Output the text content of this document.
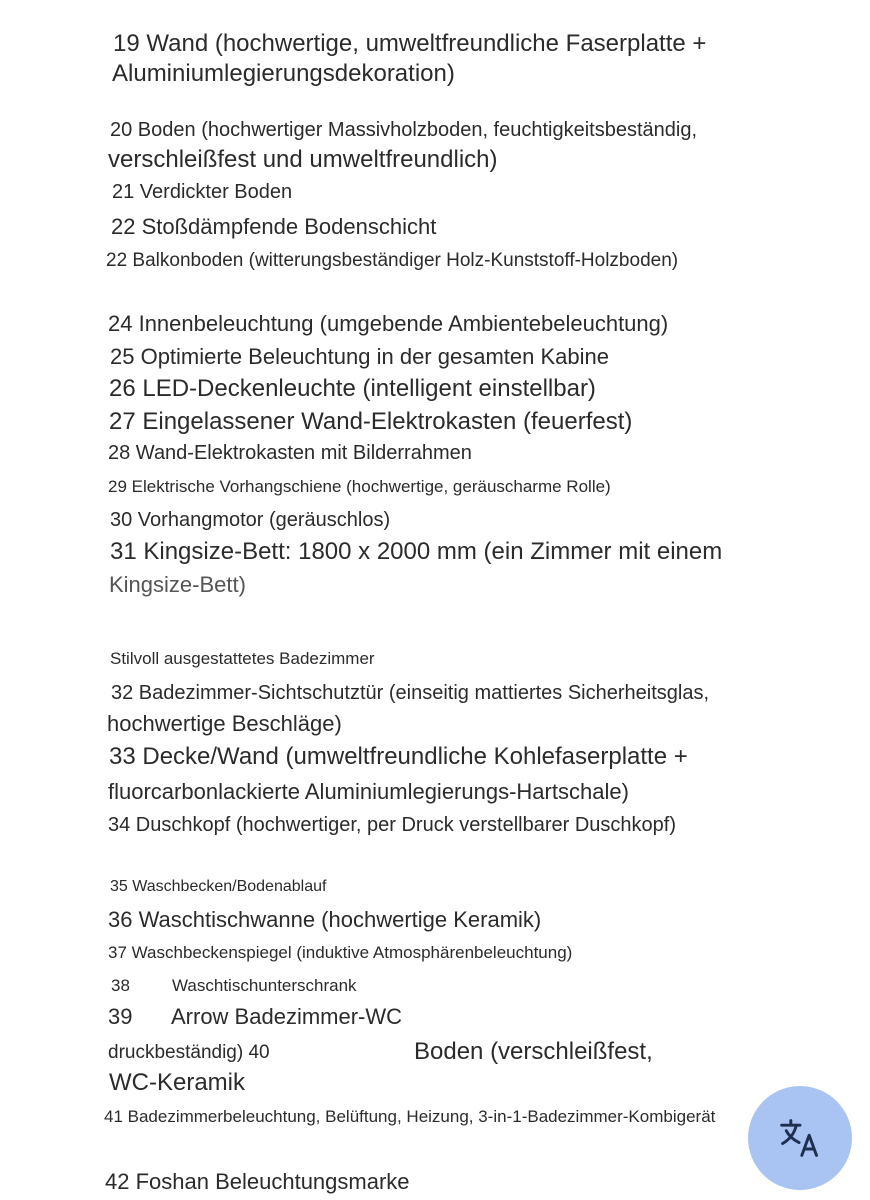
19 Wand (hochwertige, umweltfreundliche Faserplatte +
Aluminiumlegierungsdekoration)
20 Boden (hochwertiger Massivholzboden, feuchtigkeitsbeständig,
verschleißfest und umweltfreundlich)
21 Verdickter Boden
22 Stoßdämpfende Bodenschicht
22 Balkonboden (witterungsbeständiger Holz-Kunststoff-Holzboden)
24 Innenbeleuchtung (umgebende Ambientebeleuchtung)
25 Optimierte Beleuchtung in der gesamten Kabine
26 LED-Deckenleuchte (intelligent einstellbar)
27 Eingelassener Wand-Elektrokasten (feuerfest)
28 Wand-Elektrokasten mit Bilderrahmen
29 Elektrische Vorhangschiene (hochwertige, geräuscharme Rolle)
30 Vorhangmotor (geräuschlos)
31 Kingsize-Bett: 1800 x 2000 mm (ein Zimmer mit einem
Kingsize-Bett)
Stilvoll ausgestattetes Badezimmer
32 Badezimmer-Sichtschutztür (einseitig mattiertes Sicherheitsglas,
hochwertige Beschläge)
33 Decke/Wand (umweltfreundliche Kohlefaserplatte +
fluorcarbonlackierte Aluminiumlegierungs-Hartschale)
34 Duschkopf (hochwertiger, per Druck verstellbarer Duschkopf)
35 Waschbecken/Bodenablauf
36 Waschtischwanne (hochwertige Keramik)
37 Waschbeckenspiegel (induktive Atmosphärenbeleuchtung)
38 Waschtischunterschrank
39 Arrow Badezimmer-WC
druckbeständig) 40	Boden (verschleißfest,
WC-Keramik
41 Badezimmerbeleuchtung, Belüftung, Heizung, 3-in-1-Badezimmer-Kombigerät
42 Foshan Beleuchtungsmarke
